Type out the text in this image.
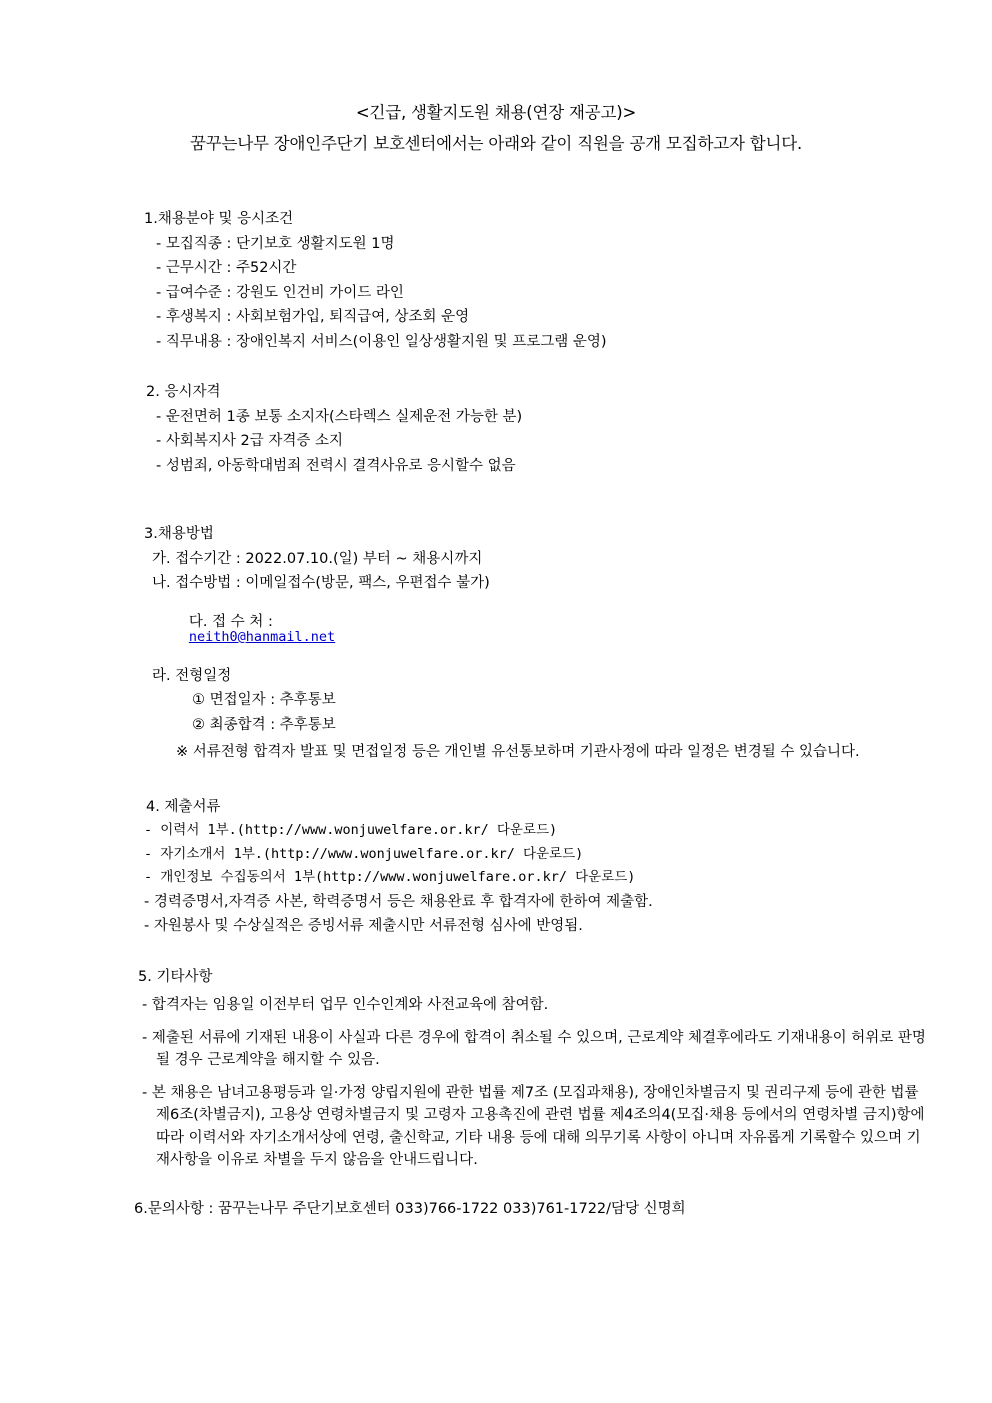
<긴급, 생활지도원 채용(연장 재공고)>

꿈꾸는나무 장애인주단기 보호센터에서는 아래와 같이 직원을 공개 모집하고자 합니다.

1.채용분야 및 응시조건

- 모집직종 : 단기보호 생활지도원 1명

- 근무시간 : 주52시간

- 급여수준 : 강원도 인건비 가이드 라인

- 후생복지 : 사회보험가입, 퇴직급여, 상조회 운영

- 직무내용 : 장애인복지 서비스(이용인 일상생활지원 및 프로그램 운영)

2. 응시자격

- 운전면허 1종 보통 소지자(스타렉스 실제운전 가능한 분)

- 사회복지사 2급 자격증 소지

- 성범죄, 아동학대범죄 전력시 결격사유로 응시할수 없음

3.채용방법

가. 접수기간 : 2022.07.10.(일) 부터 ~ 채용시까지

나. 접수방법 : 이메일접수(방문, 팩스, 우편접수 불가)

다. 접 수 처 :
neith0@hanmail.net

라. 전형일정

① 면접일자 : 추후통보

② 최종합격 : 추후통보

※ 서류전형 합격자 발표 및 면접일정 등은 개인별 유선통보하며 기관사정에 따라 일정은 변경될 수 있습니다.

4. 제출서류

- 이력서 1부.(http://www.wonjuwelfare.or.kr/ 다운로드)

- 자기소개서 1부.(http://www.wonjuwelfare.or.kr/ 다운로드)

- 개인정보 수집동의서 1부(http://www.wonjuwelfare.or.kr/ 다운로드)

- 경력증명서,자격증 사본, 학력증명서 등은 채용완료 후 합격자에 한하여 제출함.

- 자원봉사 및 수상실적은 증빙서류 제출시만 서류전형 심사에 반영됨.

5. 기타사항

- 합격자는 임용일 이전부터 업무 인수인계와 사전교육에 참여함.

- 제출된 서류에 기재된 내용이 사실과 다른 경우에 합격이 취소될 수 있으며, 근로계약 체결후에라도 기재내용이 허위로 판명될 경우 근로계약을 해지할 수 있음.

- 본 채용은 남녀고용평등과 일·가정 양립지원에 관한 법률 제7조 (모집과채용), 장애인차별금지 및 권리구제 등에 관한 법률 제6조(차별금지), 고용상 연령차별금지 및 고령자 고용촉진에 관련 법률 제4조의4(모집·채용 등에서의 연령차별 금지)항에 따라 이력서와 자기소개서상에 연령, 출신학교, 기타 내용 등에 대해 의무기록 사항이 아니며 자유롭게 기록할수 있으며 기재사항을 이유로 차별을 두지 않음을 안내드립니다.

6.문의사항 : 꿈꾸는나무 주단기보호센터 033)766-1722 033)761-1722/담당 신명희
